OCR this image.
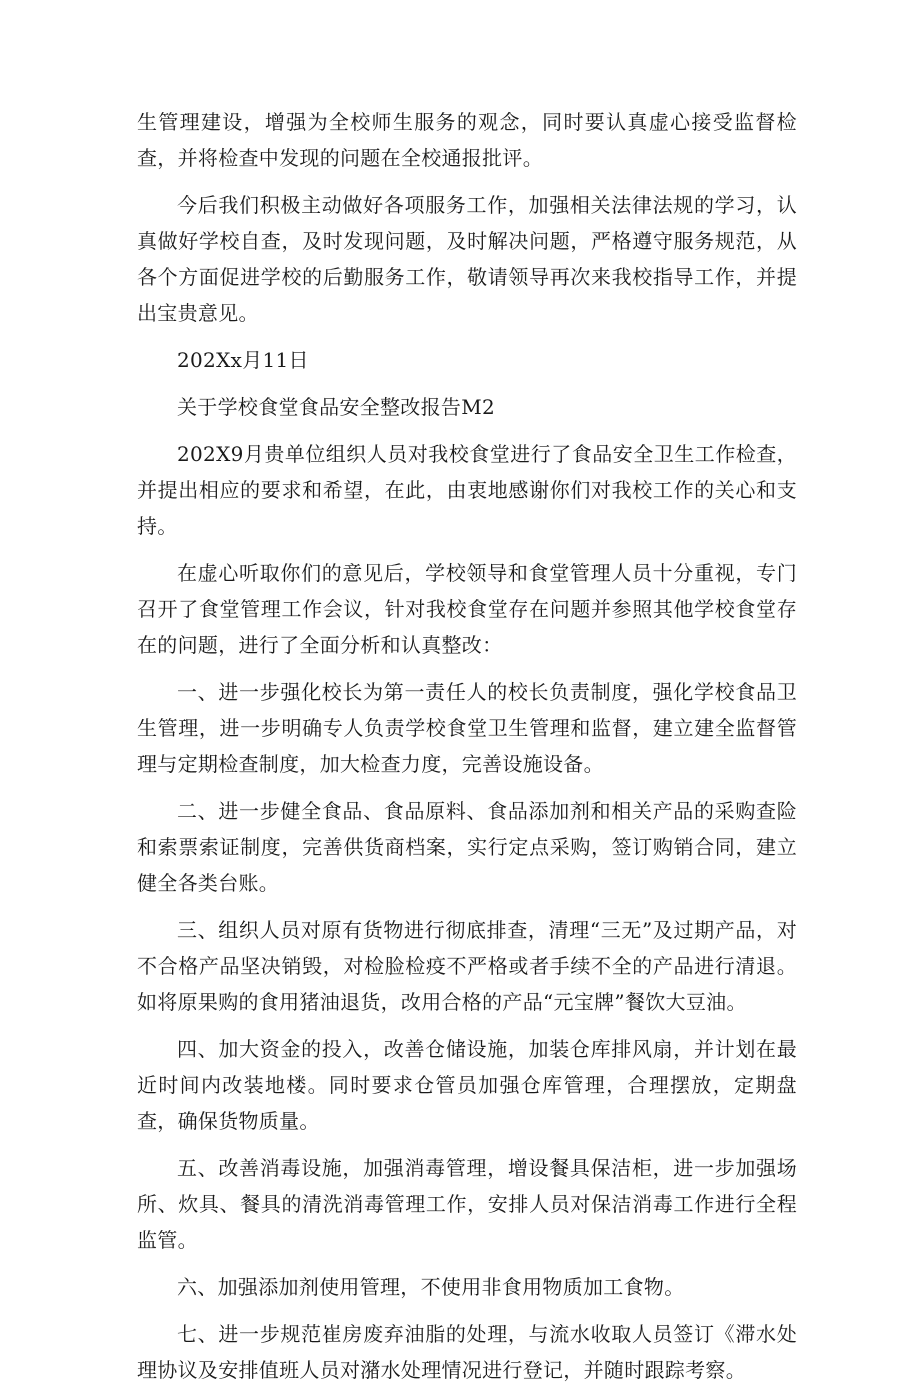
生管理建设，增强为全校师生服务的观念，同时要认真虚心接受监督检查，并将检查中发现的问题在全校通报批评。

今后我们积极主动做好各项服务工作，加强相关法律法规的学习，认真做好学校自查，及时发现问题，及时解决问题，严格遵守服务规范，从各个方面促进学校的后勤服务工作，敬请领导再次来我校指导工作，并提出宝贵意见。

202Xx月11日

关于学校食堂食品安全整改报告M2

202X9月贵单位组织人员对我校食堂进行了食品安全卫生工作检查，并提出相应的要求和希望，在此，由衷地感谢你们对我校工作的关心和支持。

在虚心听取你们的意见后，学校领导和食堂管理人员十分重视，专门召开了食堂管理工作会议，针对我校食堂存在问题并参照其他学校食堂存在的问题，进行了全面分析和认真整改：

一、进一步强化校长为第一责任人的校长负责制度，强化学校食品卫生管理，进一步明确专人负责学校食堂卫生管理和监督，建立建全监督管理与定期检查制度，加大检查力度，完善设施设备。

二、进一步健全食品、食品原料、食品添加剂和相关产品的采购查险和索票索证制度，完善供货商档案，实行定点采购，签订购销合同，建立健全各类台账。

三、组织人员对原有货物进行彻底排查，清理“三无”及过期产品，对不合格产品坚决销毁，对检脸检疫不严格或者手续不全的产品进行清退。如将原果购的食用猪油退货，改用合格的产品“元宝牌”餐饮大豆油。

四、加大资金的投入，改善仓储设施，加装仓库排风扇，并计划在最近时间内改装地楼。同时要求仓管员加强仓库管理，合理摆放，定期盘查，确保货物质量。

五、改善消毒设施，加强消毒管理，增设餐具保洁柜，进一步加强场所、炊具、餐具的清洗消毒管理工作，安排人员对保洁消毒工作进行全程监管。

六、加强添加剂使用管理，不使用非食用物质加工食物。

七、进一步规范崔房废弃油脂的处理，与流水收取人员签订《滞水处理协议及安排值班人员对潴水处理情况进行登记，并随时跟踪考察。
